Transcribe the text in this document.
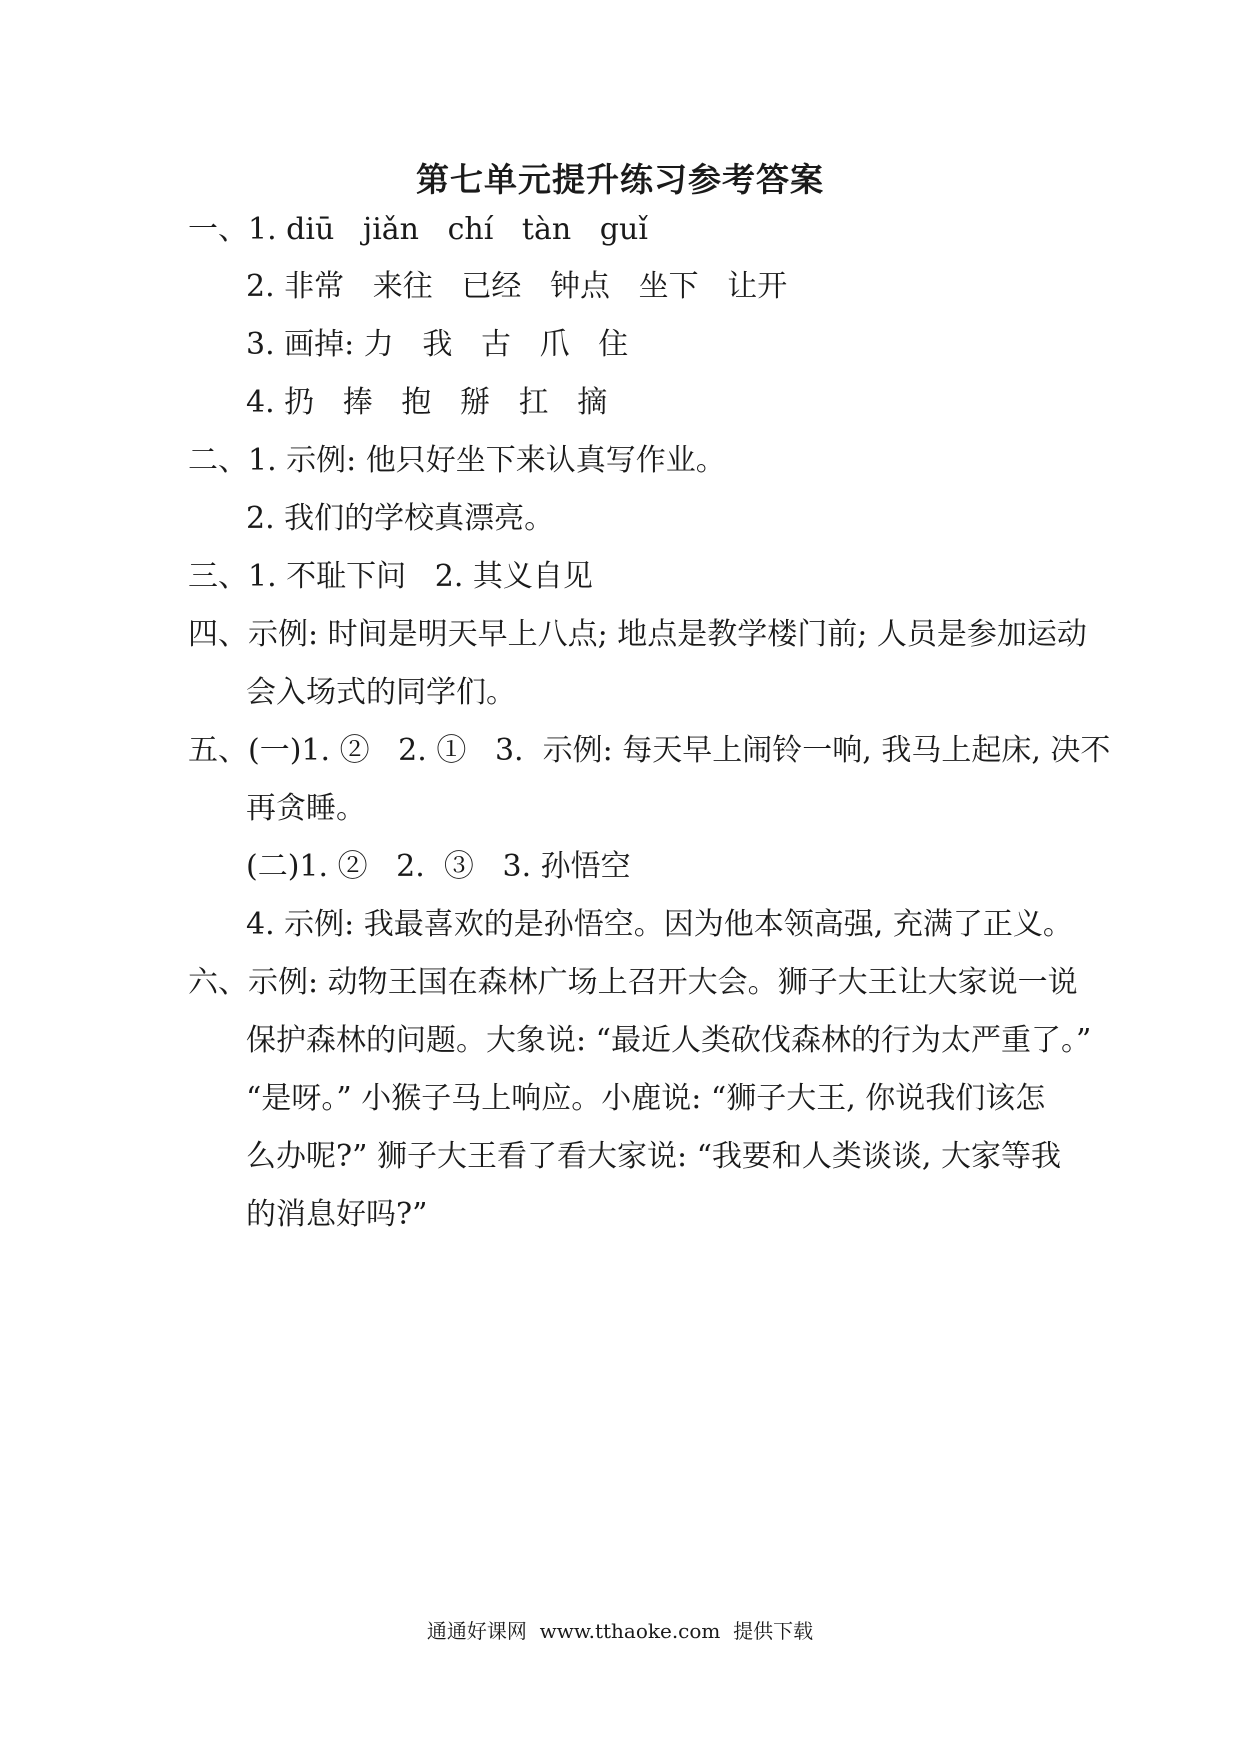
第七单元提升练习参考答案
一、1. diū   jiǎn   chí   tàn   guǐ
2. 非常   来往   已经   钟点   坐下   让开
3. 画掉: 力   我   古   爪   住
4. 扔   捧   抱   掰   扛   摘
二、1. 示例: 他只好坐下来认真写作业。
2. 我们的学校真漂亮。
三、1. 不耻下问   2. 其义自见
四、示例: 时间是明天早上八点; 地点是教学楼门前; 人员是参加运动
会入场式的同学们。
五、(一)1. ②   2. ①   3.  示例: 每天早上闹铃一响, 我马上起床, 决不
再贪睡。
(二)1. ②   2.  ③   3. 孙悟空
4. 示例: 我最喜欢的是孙悟空。因为他本领高强, 充满了正义。
六、示例: 动物王国在森林广场上召开大会。狮子大王让大家说一说
保护森林的问题。大象说: “最近人类砍伐森林的行为太严重了。”
“是呀。” 小猴子马上响应。小鹿说: “狮子大王, 你说我们该怎
么办呢?” 狮子大王看了看大家说: “我要和人类谈谈, 大家等我
的消息好吗?”
通通好课网  www.tthaoke.com  提供下载
